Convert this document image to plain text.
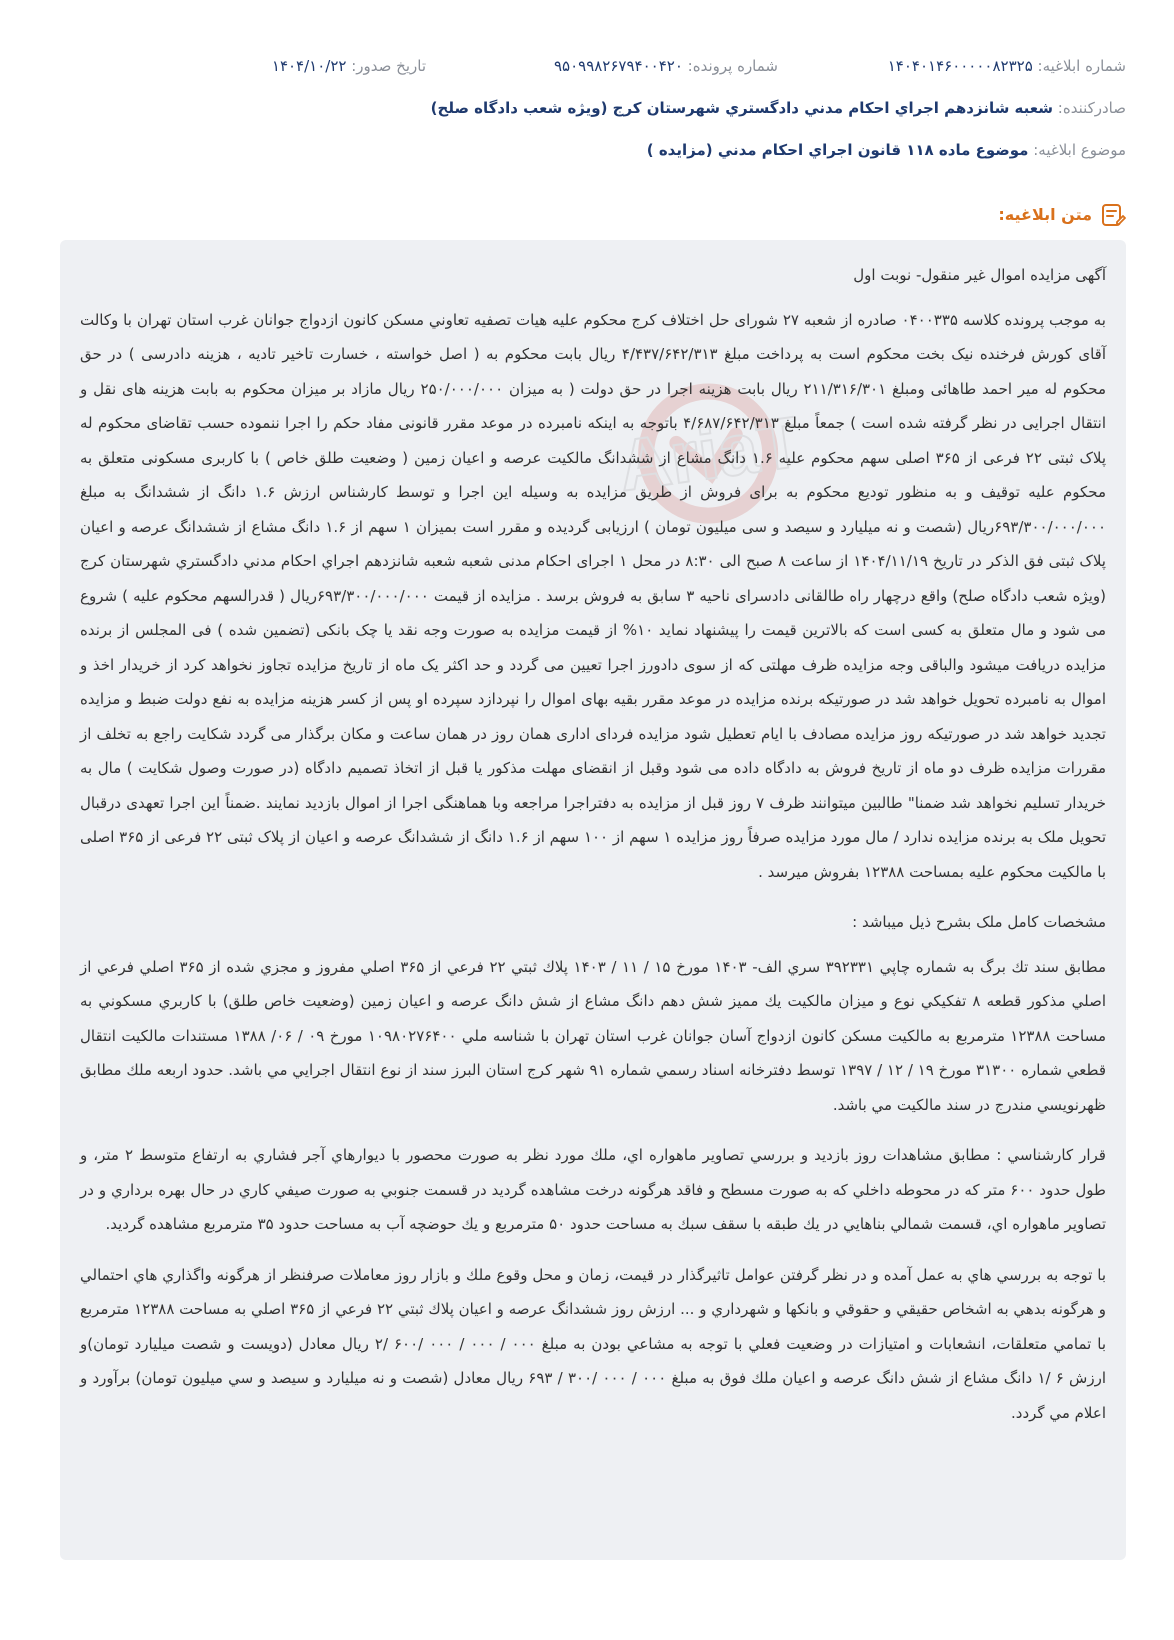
شماره ابلاغيه: ۱۴۰۴۰۱۴۶۰۰۰۰۰۸۲۳۲۵
شماره پرونده: ۹۵۰۹۹۸۲۶۷۹۴۰۰۴۲۰
تاريخ صدور: ۱۴۰۴/۱۰/۲۲
صادرکننده: شعبه شانزدهم اجراي احکام مدني دادگستري شهرستان کرج (ويژه شعب دادگاه صلح)
موضوع ابلاغيه: موضوع ماده ۱۱۸ قانون اجراي احکام مدني (مزايده )
متن ابلاغيه:
AriaTender.net

آگهی مزایده اموال غیر منقول- نوبت اول

به موجب پرونده کلاسه ۰۴۰۰۳۳۵ صادره از شعبه ۲۷ شورای حل اختلاف کرج محکوم علیه هیات تصفیه تعاوني مسکن کانون ازدواج جوانان غرب استان تهران با وکالت آقای کورش فرخنده نیک بخت محکوم است به پرداخت مبلغ ۴/۴۳۷/۶۴۲/۳۱۳ ریال بابت محکوم به ( اصل خواسته ، خسارت تاخیر تادیه ، هزینه دادرسی ) در حق محکوم له میر احمد طاهائی ومبلغ ۲۱۱/۳۱۶/۳۰۱ ریال بابت هزینه اجرا در حق دولت ( به میزان ۲۵۰/۰۰۰/۰۰۰ ریال مازاد بر میزان محکوم به بابت هزینه های نقل و انتقال اجرایی در نظر گرفته شده است ) جمعاً مبلغ ۴/۶۸۷/۶۴۲/۳۱۳ باتوجه به اینکه نامبرده در موعد مقرر قانونی مفاد حکم را اجرا ننموده حسب تقاضای محکوم له پلاک ثبتی ۲۲ فرعی از ۳۶۵ اصلی سهم محکوم علیه ۱.۶ دانگ مشاع از ششدانگ مالکیت عرصه و اعیان زمین ( وضعیت طلق خاص ) با کاربری مسکونی متعلق به محکوم علیه توقیف و به منظور تودیع محکوم به برای فروش از طریق مزایده به وسیله این اجرا و توسط کارشناس ارزش ۱.۶ دانگ از ششدانگ به مبلغ ۶۹۳/۳۰۰/۰۰۰/۰۰۰ریال (شصت و نه میلیارد و سیصد و سی میلیون تومان ) ارزیابی گردیده و مقرر است بمیزان ۱ سهم از ۱.۶ دانگ مشاع از ششدانگ عرصه و اعیان پلاک ثبتی فق الذکر در تاریخ ۱۴۰۴/۱۱/۱۹ از ساعت ۸ صبح الی ۸:۳۰ در محل ۱ اجرای احکام مدنی شعبه شعبه شانزدهم اجراي احکام مدني دادگستري شهرستان کرج (ويژه شعب دادگاه صلح) واقع درچهار راه طالقانی دادسرای ناحیه ۳ سابق به فروش برسد . مزایده از قیمت ۶۹۳/۳۰۰/۰۰۰/۰۰۰ریال ( قدرالسهم محکوم علیه ) شروع می شود و مال متعلق به کسی است که بالاترین قیمت را پیشنهاد نماید ۱۰% از قیمت مزایده به صورت وجه نقد یا چک بانکی (تضمین شده ) فی المجلس از برنده مزایده دریافت میشود والباقی وجه مزایده ظرف مهلتی که از سوی دادورز اجرا تعیین می گردد و حد اکثر یک ماه از تاریخ مزایده تجاوز نخواهد کرد از خریدار اخذ و اموال به نامبرده تحویل خواهد شد در صورتیکه برنده مزایده در موعد مقرر بقیه بهای اموال را نپردازد سپرده او پس از کسر هزینه مزایده به نفع دولت ضبط و مزایده تجدید خواهد شد در صورتیکه روز مزایده مصادف با ایام تعطیل شود مزایده فردای اداری همان روز در همان ساعت و مکان برگذار می گردد شکایت راجع به تخلف از مقررات مزایده ظرف دو ماه از تاریخ فروش به دادگاه داده می شود وقبل از انقضای مهلت مذکور یا قبل از اتخاذ تصمیم دادگاه (در صورت وصول شکایت ) مال به خریدار تسلیم نخواهد شد ضمنا" طالبین میتوانند ظرف ۷ روز قبل از مزایده به دفتراجرا مراجعه وبا هماهنگی اجرا از اموال بازدید نمایند .ضمناً این اجرا تعهدی درقبال تحویل ملک به برنده مزایده ندارد / مال مورد مزایده صرفاً روز مزایده ۱ سهم از ۱۰۰ سهم از ۱.۶ دانگ از ششدانگ عرصه و اعیان از پلاک ثبتی ۲۲ فرعی از ۳۶۵ اصلی با مالکیت محکوم علیه بمساحت ۱۲۳۸۸ بفروش میرسد .

مشخصات کامل ملک بشرح ذیل میباشد :

مطابق سند تك برگ به شماره چاپي ۳۹۲۳۳۱ سري الف- ۱۴۰۳ مورخ ۱۵ / ۱۱ / ۱۴۰۳ پلاك ثبتي ۲۲ فرعي از ۳۶۵ اصلي مفروز و مجزي شده از ۳۶۵ اصلي فرعي از اصلي مذكور قطعه ۸ تفكيكي نوع و ميزان مالكيت يك مميز شش دهم دانگ مشاع از شش دانگ عرصه و اعيان زمين (وضعيت خاص طلق) با كاربري مسكوني به مساحت ۱۲۳۸۸ مترمربع به مالكيت مسكن كانون ازدواج آسان جوانان غرب استان تهران با شناسه ملي ۱۰۹۸۰۲۷۶۴۰۰ مورخ ۰۹ / ۰۶/ ۱۳۸۸ مستندات مالكيت انتقال قطعي شماره ۳۱۳۰۰ مورخ ۱۹ / ۱۲ / ۱۳۹۷ توسط دفترخانه اسناد رسمي شماره ۹۱ شهر كرج استان البرز سند از نوع انتقال اجرايي مي باشد. حدود اربعه ملك مطابق ظهرنويسي مندرج در سند مالكيت مي باشد.

قرار كارشناسي : مطابق مشاهدات روز بازديد و بررسي تصاوير ماهواره اي، ملك مورد نظر به صورت محصور با ديوارهاي آجر فشاري به ارتفاع متوسط ۲ متر، و طول حدود ۶۰۰ متر كه در محوطه داخلي كه به صورت مسطح و فاقد هرگونه درخت مشاهده گرديد در قسمت جنوبي به صورت صيفي كاري در حال بهره برداري و در تصاوير ماهواره اي، قسمت شمالي بناهايي در يك طبقه با سقف سبك به مساحت حدود ۵۰ مترمربع و يك حوضچه آب به مساحت حدود ۳۵ مترمربع مشاهده گرديد.

با توجه به بررسي هاي به عمل آمده و در نظر گرفتن عوامل تاثيرگذار در قيمت، زمان و محل وقوع ملك و بازار روز معاملات صرفنظر از هرگونه واگذاري هاي احتمالي و هرگونه بدهي به اشخاص حقيقي و حقوقي و بانكها و شهرداري و ... ارزش روز ششدانگ عرصه و اعيان پلاك ثبتي ۲۲ فرعي از ۳۶۵ اصلي به مساحت ۱۲۳۸۸ مترمربع با تمامي متعلقات، انشعابات و امتيازات در وضعيت فعلي با توجه به مشاعي بودن به مبلغ ۰۰۰ / ۰۰۰ / ۰۰۰ /۶۰۰ /۲ ريال معادل (دويست و شصت ميليارد تومان)و ارزش ۶ /۱ دانگ مشاع از شش دانگ عرصه و اعيان ملك فوق به مبلغ ۰۰۰ / ۰۰۰ /۳۰۰ / ۶۹۳ ريال معادل (شصت و نه ميليارد و سيصد و سي ميليون تومان) برآورد و اعلام مي گردد.
